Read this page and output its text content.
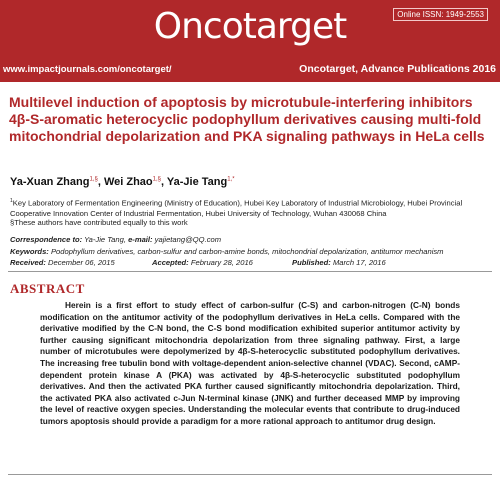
Oncotarget	Online ISSN: 1949-2553
www.impactjournals.com/oncotarget/	Oncotarget, Advance Publications 2016
Multilevel induction of apoptosis by microtubule-interfering inhibitors 4β-S-aromatic heterocyclic podophyllum derivatives causing multi-fold mitochondrial depolarization and PKA signaling pathways in HeLa cells
Ya-Xuan Zhang$^{1,\S}$, Wei Zhao$^{1,\S}$, Ya-Jie Tang$^{1,*}$
$^1$Key Laboratory of Fermentation Engineering (Ministry of Education), Hubei Key Laboratory of Industrial Microbiology, Hubei Provincial Cooperative Innovation Center of Industrial Fermentation, Hubei University of Technology, Wuhan 430068 China
§These authors have contributed equally to this work
Correspondence to: Ya-Jie Tang, e-mail: yajietang@QQ.com
Keywords: Podophyllum derivatives, carbon-sulfur and carbon-amine bonds, mitochondrial depolarization, antitumor mechanism
Received: December 06, 2015	Accepted: February 28, 2016	Published: March 17, 2016
ABSTRACT
Herein is a first effort to study effect of carbon-sulfur (C-S) and carbon-nitrogen (C-N) bonds modification on the antitumor activity of the podophyllum derivatives in HeLa cells. Compared with the derivative modified by the C-N bond, the C-S bond modification exhibited superior antitumor activity by further causing significant mitochondria depolarization from three signaling pathway. First, a large number of microtubules were depolymerized by 4β-S-heterocyclic substituted podophyllum derivatives. The increasing free tubulin bond with voltage-dependent anion-selective channel (VDAC). Second, cAMP-dependent protein kinase A (PKA) was activated by 4β-S-heterocyclic substituted podophyllum derivatives. And then the activated PKA further caused significantly mitochondria depolarization. Third, the activated PKA also activated c-Jun N-terminal kinase (JNK) and further deceased MMP by improving the level of reactive oxygen species. Understanding the molecular events that contribute to drug-induced tumors apoptosis should provide a paradigm for a more rational approach to antitumor drug design.
